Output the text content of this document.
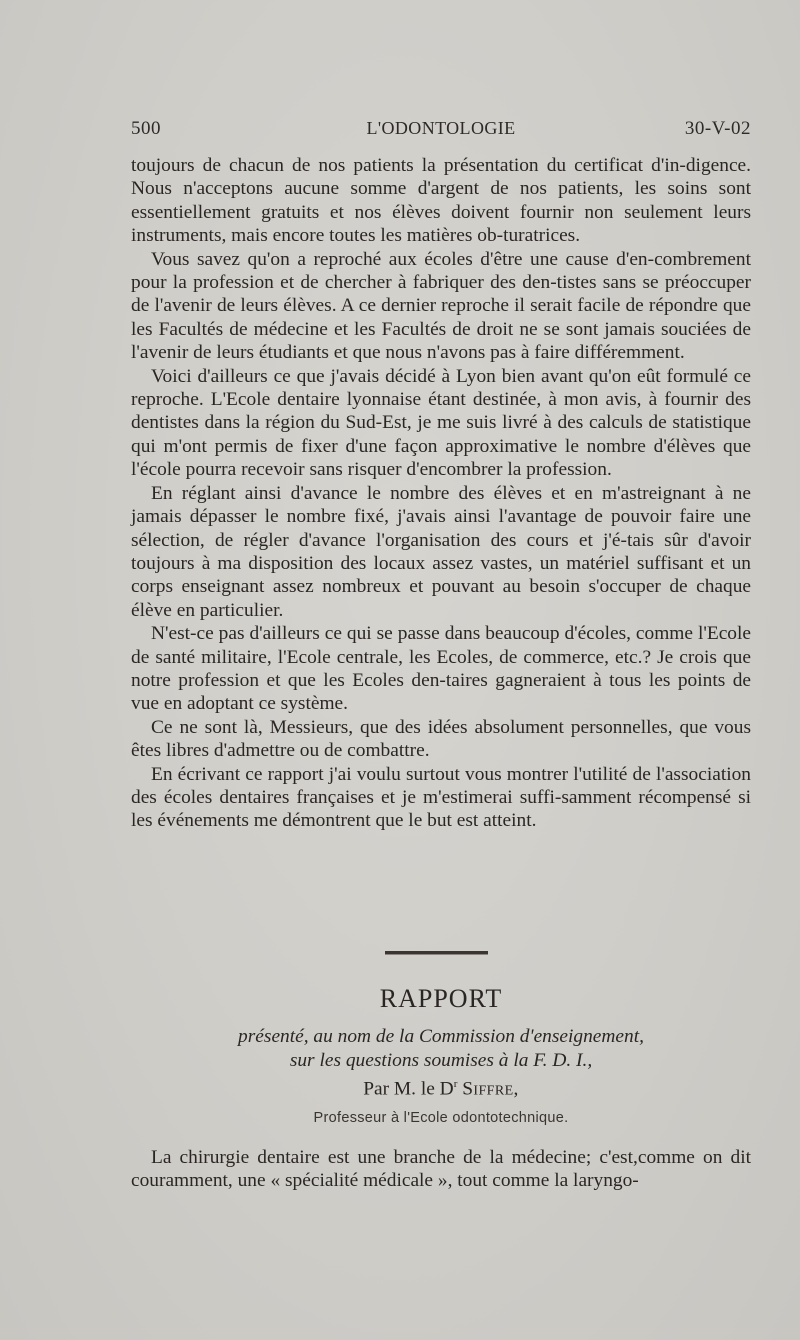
500	L'ODONTOLOGIE	30-V-02

toujours de chacun de nos patients la présentation du certificat d'in-digence. Nous n'acceptons aucune somme d'argent de nos patients, les soins sont essentiellement gratuits et nos élèves doivent fournir non seulement leurs instruments, mais encore toutes les matières ob-turatrices.

Vous savez qu'on a reproché aux écoles d'être une cause d'en-combrement pour la profession et de chercher à fabriquer des den-tistes sans se préoccuper de l'avenir de leurs élèves. A ce dernier reproche il serait facile de répondre que les Facultés de médecine et les Facultés de droit ne se sont jamais souciées de l'avenir de leurs étudiants et que nous n'avons pas à faire différemment.

Voici d'ailleurs ce que j'avais décidé à Lyon bien avant qu'on eût formulé ce reproche. L'Ecole dentaire lyonnaise étant destinée, à mon avis, à fournir des dentistes dans la région du Sud-Est, je me suis livré à des calculs de statistique qui m'ont permis de fixer d'une façon approximative le nombre d'élèves que l'école pourra recevoir sans risquer d'encombrer la profession.

En réglant ainsi d'avance le nombre des élèves et en m'astreignant à ne jamais dépasser le nombre fixé, j'avais ainsi l'avantage de pouvoir faire une sélection, de régler d'avance l'organisation des cours et j'é-tais sûr d'avoir toujours à ma disposition des locaux assez vastes, un matériel suffisant et un corps enseignant assez nombreux et pouvant au besoin s'occuper de chaque élève en particulier.

N'est-ce pas d'ailleurs ce qui se passe dans beaucoup d'écoles, comme l'Ecole de santé militaire, l'Ecole centrale, les Ecoles, de commerce, etc.? Je crois que notre profession et que les Ecoles den-taires gagneraient à tous les points de vue en adoptant ce système.

Ce ne sont là, Messieurs, que des idées absolument personnelles, que vous êtes libres d'admettre ou de combattre.

En écrivant ce rapport j'ai voulu surtout vous montrer l'utilité de l'association des écoles dentaires françaises et je m'estimerai suffi-samment récompensé si les événements me démontrent que le but est atteint.

RAPPORT
présenté, au nom de la Commission d'enseignement,
sur les questions soumises à la F. D. I.,
Par M. le $D^r$ Siffre,
Professeur à l'Ecole odontotechnique.

La chirurgie dentaire est une branche de la médecine; c'est,comme on dit couramment, une « spécialité médicale », tout comme la laryngo-
